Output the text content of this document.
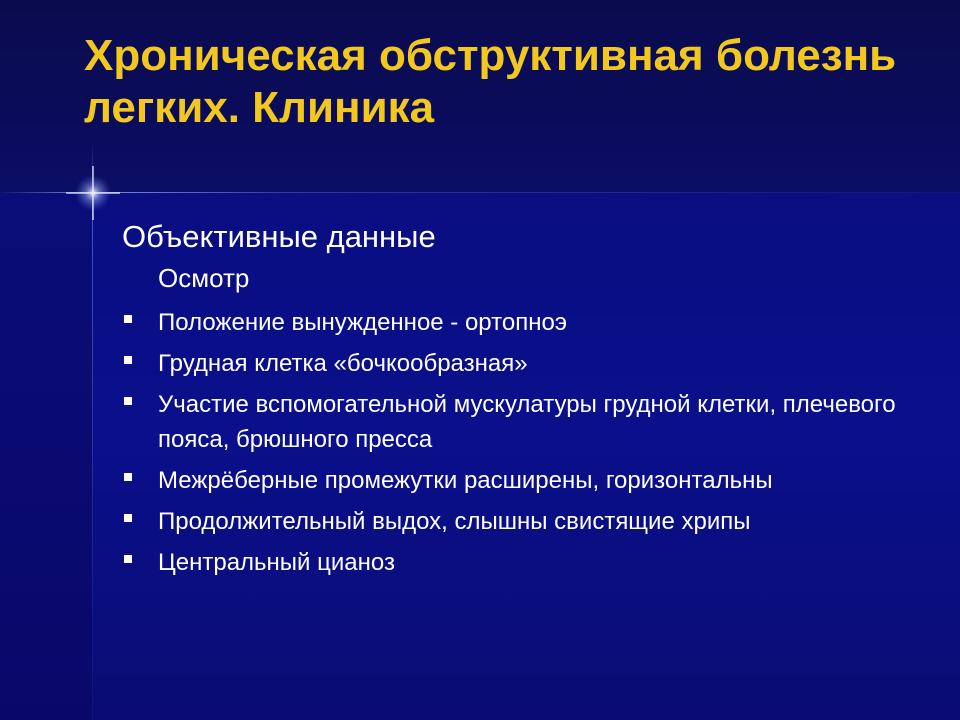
Хроническая обструктивная болезнь легких. Клиника

Объективные данные

Осмотр

Положение вынужденное - ортопноэ
Грудная клетка «бочкообразная»
Участие вспомогательной мускулатуры грудной клетки, плечевого пояса, брюшного пресса
Межрёберные промежутки расширены, горизонтальны
Продолжительный выдох, слышны свистящие хрипы
Центральный цианоз
